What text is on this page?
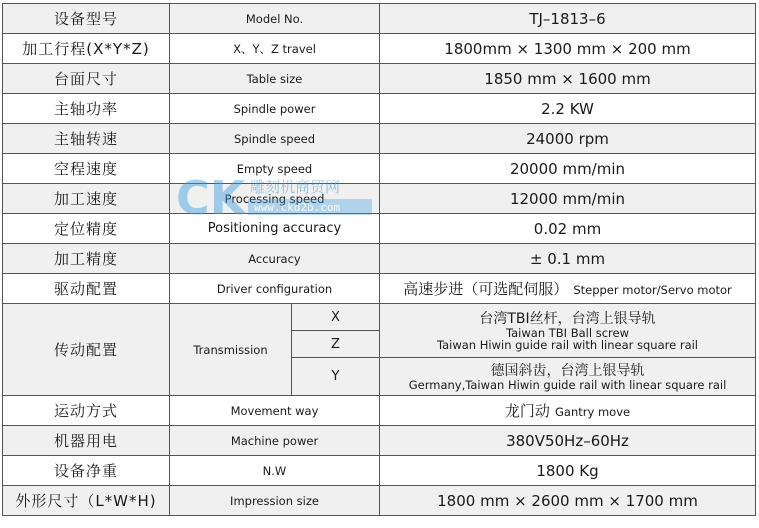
设备型号	Model No.		TJ–1813–6
加工行程(X*Y*Z)	X、Y、Z travel		1800mm × 1300 mm × 200 mm
台面尺寸	Table size		1850 mm × 1600 mm
主轴功率	Spindle power		2.2 KW
主轴转速	Spindle speed		24000 rpm
空程速度	Empty speed		20000 mm/min
加工速度	Processing speed		12000 mm/min
定位精度	Positioning accuracy		0.02 mm
加工精度	Accuracy		± 0.1 mm
驱动配置	Driver configuration		高速步进（可选配伺服） Stepper motor/Servo motor
传动配置	Transmission	X	台湾TBI丝杆，台湾上银导轨
Taiwan TBI Ball screw
Taiwan Hiwin guide rail with linear square rail

		Z	
		Y	德国斜齿，台湾上银导轨
Germany,Taiwan Hiwin guide rail with linear square rail

运动方式	Movement way		龙门动 Gantry move
机器用电	Machine power		380V50Hz–60Hz
设备净重	N.W		1800 Kg
外形尺寸（L*W*H)	Impression size		1800 mm × 2600 mm × 1700 mm
CK 雕刻机商贸网
www.ckd2b.com
